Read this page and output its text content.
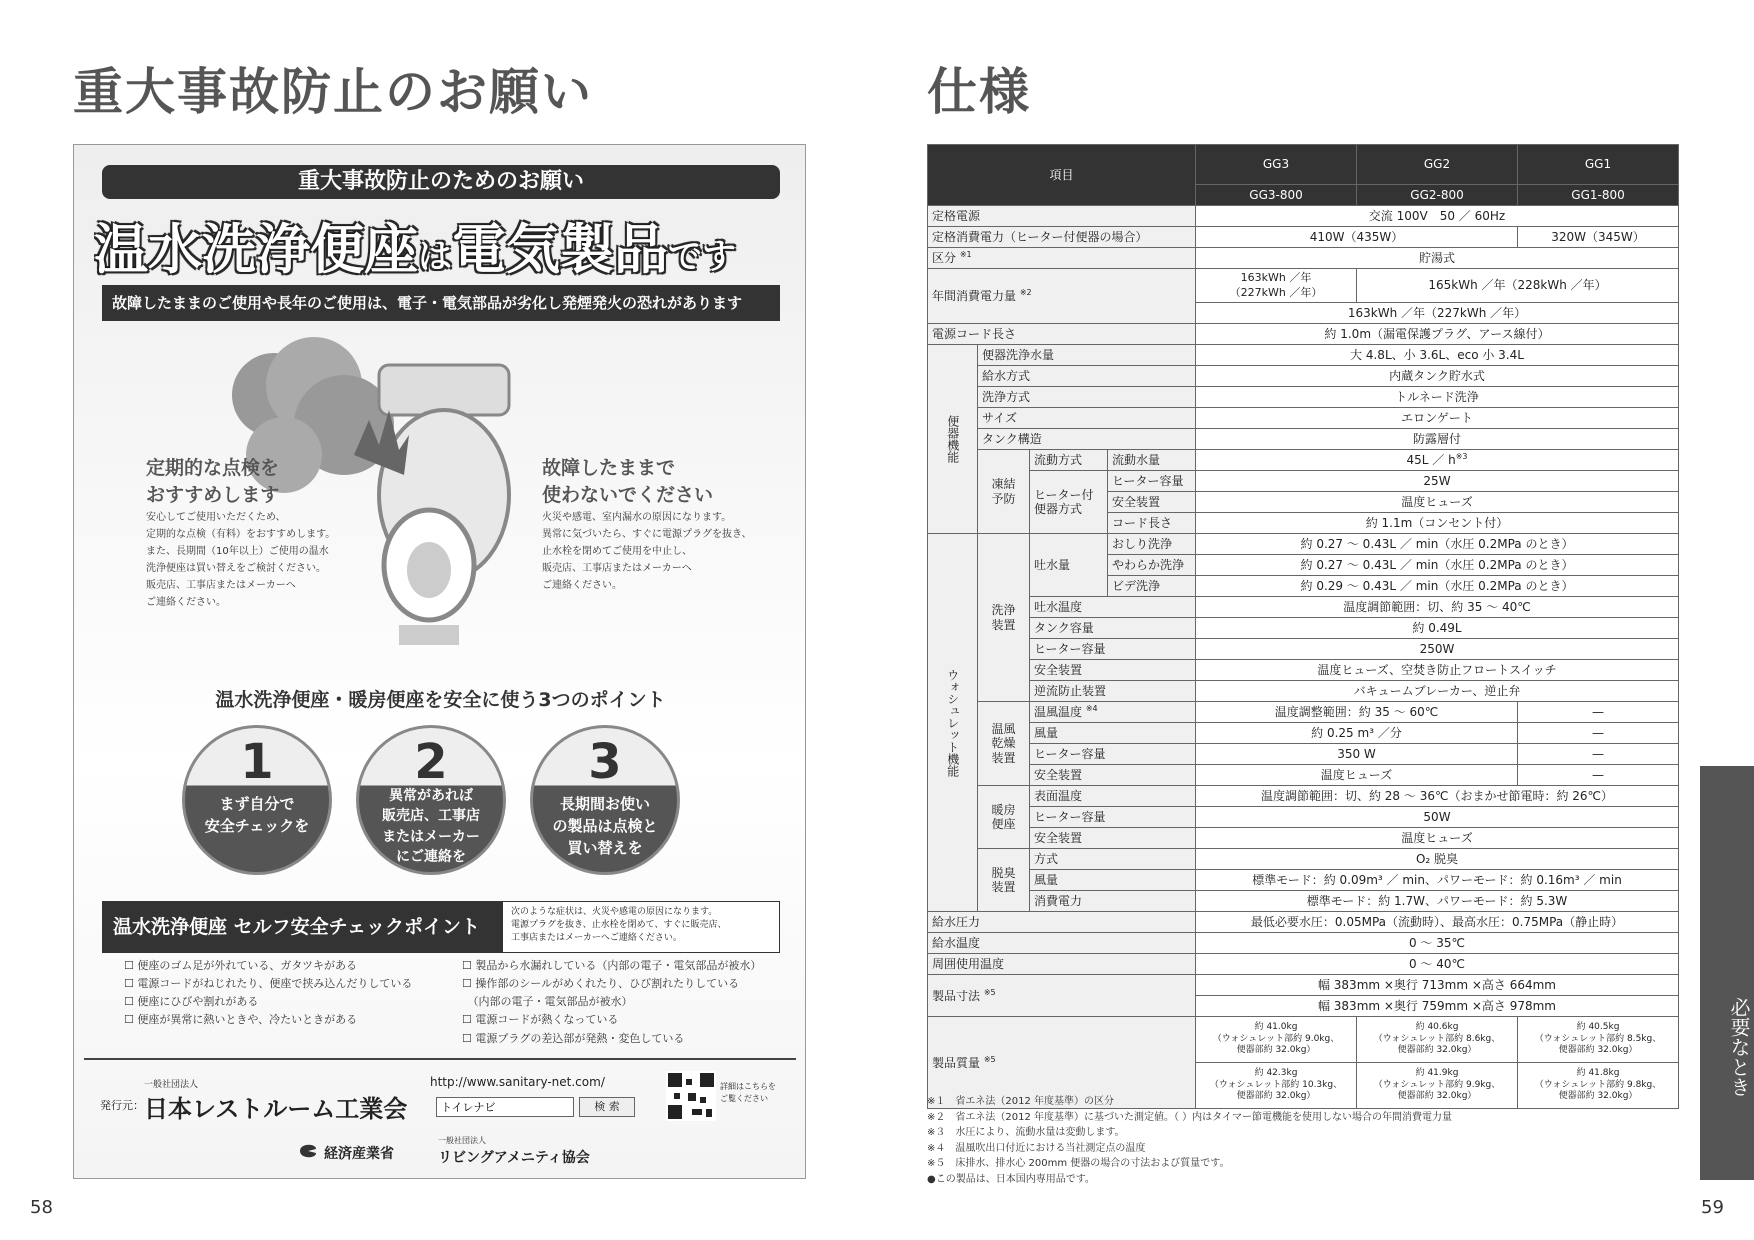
重大事故防止のお願い
58
重大事故防止のためのお願い
温水洗浄便座は電気製品です
故障したままのご使用や長年のご使用は、電子・電気部品が劣化し発煙発火の恐れがあります
定期的な点検を
おすすめします
安心してご使用いただくため、
定期的な点検（有料）をおすすめします。
また、長期間（10年以上）ご使用の温水
洗浄便座は買い替えをご検討ください。
販売店、工事店またはメーカーへ
ご連絡ください。
故障したままで
使わないでください
火災や感電、室内漏水の原因になります。
異常に気づいたら、すぐに電源プラグを抜き、
止水栓を閉めてご使用を中止し、
販売店、工事店またはメーカーへ
ご連絡ください。
温水洗浄便座・暖房便座を安全に使う3つのポイント
1
まず自分で
安全チェックを
2
異常があれば
販売店、工事店
またはメーカー
にご連絡を
3
長期間お使い
の製品は点検と
買い替えを
温水洗浄便座 セルフ安全チェックポイント
次のような症状は、火災や感電の原因になります。
電源プラグを抜き、止水栓を閉めて、すぐに販売店、
工事店またはメーカーへご連絡ください。
☐ 便座のゴム足が外れている、ガタツキがある
☐ 電源コードがねじれたり、便座で挟み込んだりしている
☐ 便座にひびや割れがある
☐ 便座が異常に熱いときや、冷たいときがある
☐ 製品から水漏れしている（内部の電子・電気部品が被水）
☐ 操作部のシールがめくれたり、ひび割れたりしている
　（内部の電子・電気部品が被水）
☐ 電源コードが熱くなっている
☐ 電源プラグの差込部が発熱・変色している
一般社団法人
発行元： 日本レストルーム工業会
http://www.sanitary-net.com/
トイレナビ
検 索
詳細はこちらを
ご覧ください
経済産業省
一般社団法人
リビングアメニティ協会
仕様
59
必要なとき
項目				GG3	GG2	GG1
				GG3-800	GG2-800	GG1-800
定格電源				交流 100V　50 ／ 60Hz		
定格消費電力（ヒーター付便器の場合）				410W（435W）		320W（345W）
区分 $^{※1}$				貯湯式		
年間消費電力量 $^{※2}$				163kWh ／年
（227kWh ／年）	165kWh ／年（228kWh ／年）	
				163kWh ／年（227kWh ／年）		
電源コード長さ				約 1.0m（漏電保護プラグ、アース線付）		
便器機能	便器洗浄水量			大 4.8L、小 3.6L、eco 小 3.4L		
	給水方式			内蔵タンク貯水式		
	洗浄方式			トルネード洗浄		
	サイズ			エロンゲート		
	タンク構造			防露層付		
	凍結
予防	流動方式	流動水量	45L ／ $h^{※3}$
		ヒーター付
便器方式	ヒーター容量	25W		
			安全装置	温度ヒューズ		
			コード長さ	約 1.1m（コンセント付）		
ウォシュレット機能	洗浄
装置	吐水量	おしり洗浄	約 0.27 〜 0.43L ／ min（水圧 0.2MPa のとき）		
			やわらか洗浄	約 0.27 〜 0.43L ／ min（水圧 0.2MPa のとき）		
			ビデ洗浄	約 0.29 〜 0.43L ／ min（水圧 0.2MPa のとき）		
		吐水温度		温度調節範囲：切、約 35 〜 40℃		
		タンク容量		約 0.49L		
		ヒーター容量		250W		
		安全装置		温度ヒューズ、空焚き防止フロートスイッチ		
		逆流防止装置		バキュームブレーカー、逆止弁		
	温風
乾燥
装置	温風温度 $^{※4}$		温度調整範囲：約 35 〜 60℃		—
		風量		約 0.25 m³ ／分		—
		ヒーター容量		350 W		—
		安全装置		温度ヒューズ		—
	暖房
便座	表面温度		温度調節範囲：切、約 28 〜 36℃（おまかせ節電時：約 26℃）		
		ヒーター容量		50W		
		安全装置		温度ヒューズ		
	脱臭
装置	方式		O₂ 脱臭		
		風量		標準モード：約 0.09m³ ／ min、パワーモード：約 0.16m³ ／ min		
		消費電力		標準モード：約 1.7W、パワーモード：約 5.3W		
給水圧力				最低必要水圧：0.05MPa（流動時）、最高水圧：0.75MPa（静止時）		
給水温度				0 〜 35℃		
周囲使用温度				0 〜 40℃		
製品寸法 $^{※5}$				幅 383mm ×奥行 713mm ×高さ 664mm		
				幅 383mm ×奥行 759mm ×高さ 978mm		
製品質量 $^{※5}$				約 41.0kg
（ウォシュレット部約 9.0kg、
便器部約 32.0kg）	約 40.6kg
（ウォシュレット部約 8.6kg、
便器部約 32.0kg）	約 40.5kg
（ウォシュレット部約 8.5kg、
便器部約 32.0kg）
				約 42.3kg
（ウォシュレット部約 10.3kg、
便器部約 32.0kg）	約 41.9kg
（ウォシュレット部約 9.9kg、
便器部約 32.0kg）	約 41.8kg
（ウォシュレット部約 9.8kg、
便器部約 32.0kg）
※１　省エネ法（2012 年度基準）の区分
※２　省エネ法（2012 年度基準）に基づいた測定値。（ ）内はタイマー節電機能を使用しない場合の年間消費電力量
※３　水圧により、流動水量は変動します。
※４　温風吹出口付近における当社測定点の温度
※５　床排水、排水心 200mm 便器の場合の寸法および質量です。
●この製品は、日本国内専用品です。
